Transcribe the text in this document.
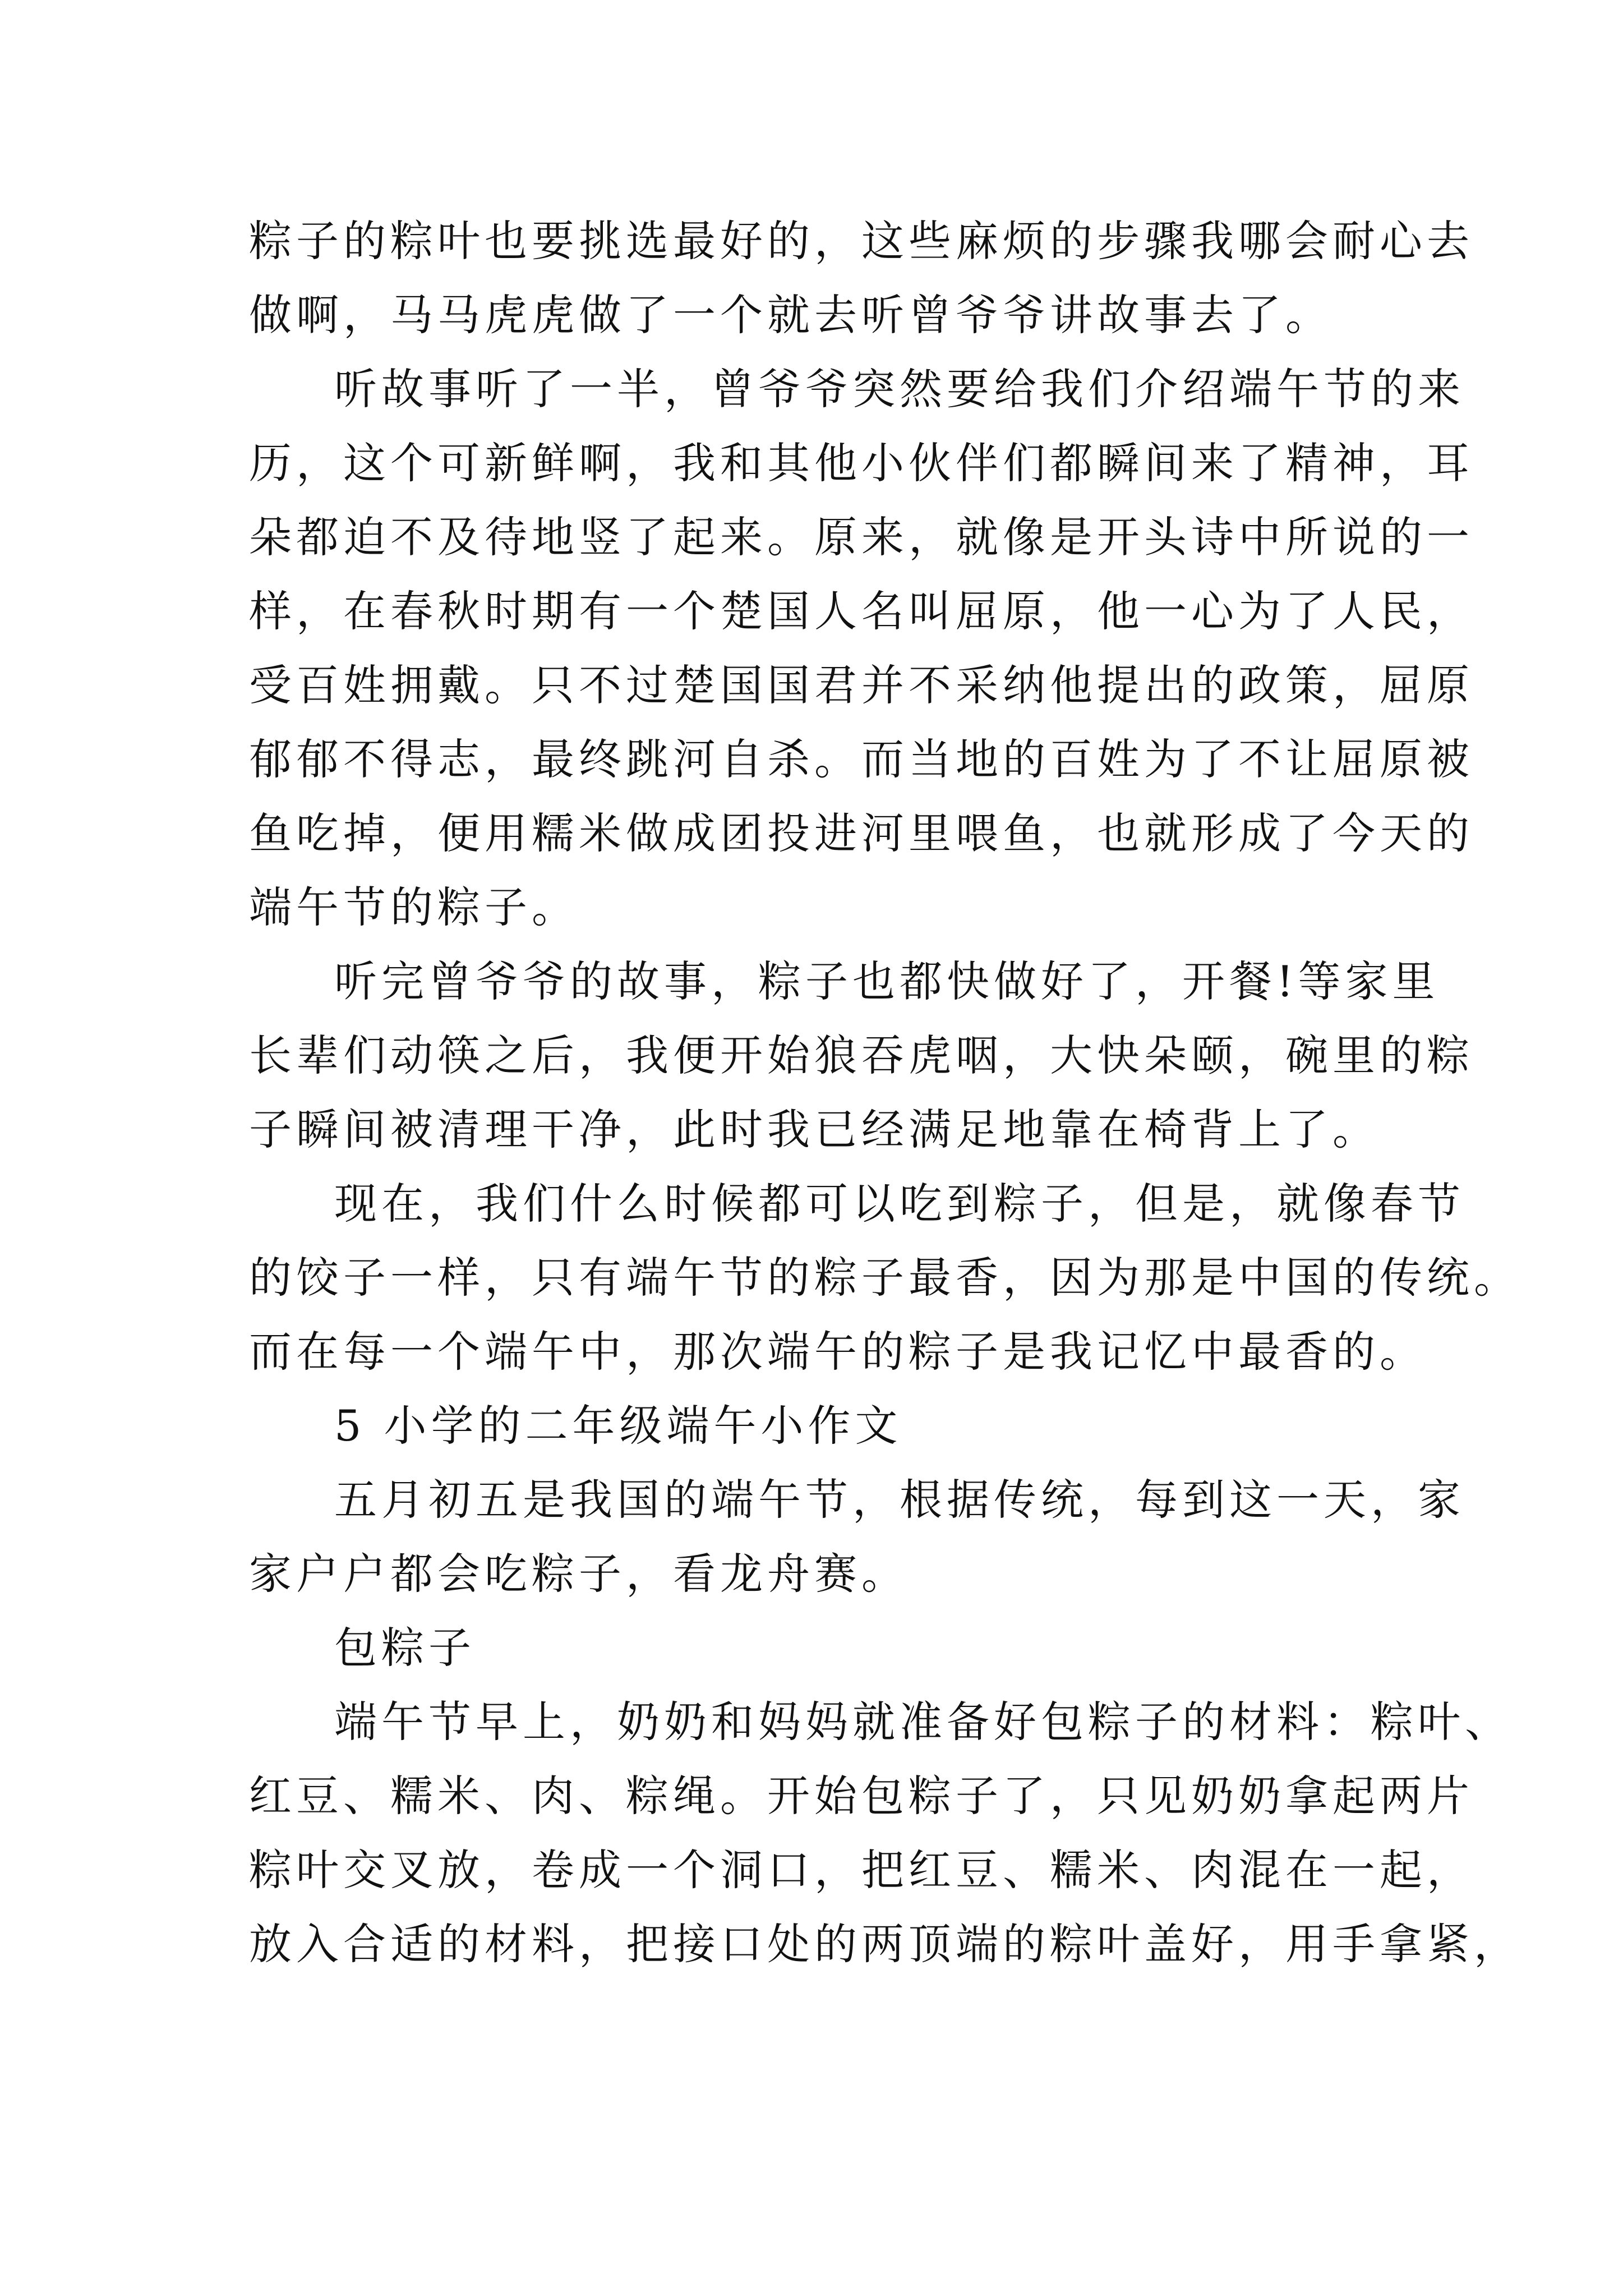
粽子的粽叶也要挑选最好的，这些麻烦的步骤我哪会耐心去
做啊，马马虎虎做了一个就去听曾爷爷讲故事去了。
听故事听了一半，曾爷爷突然要给我们介绍端午节的来
历，这个可新鲜啊，我和其他小伙伴们都瞬间来了精神，耳
朵都迫不及待地竖了起来。原来，就像是开头诗中所说的一
样，在春秋时期有一个楚国人名叫屈原，他一心为了人民，
受百姓拥戴。只不过楚国国君并不采纳他提出的政策，屈原
郁郁不得志，最终跳河自杀。而当地的百姓为了不让屈原被
鱼吃掉，便用糯米做成团投进河里喂鱼，也就形成了今天的
端午节的粽子。
听完曾爷爷的故事，粽子也都快做好了，开餐!等家里
长辈们动筷之后，我便开始狼吞虎咽，大快朵颐，碗里的粽
子瞬间被清理干净，此时我已经满足地靠在椅背上了。
现在，我们什么时候都可以吃到粽子，但是，就像春节
的饺子一样，只有端午节的粽子最香，因为那是中国的传统。
而在每一个端午中，那次端午的粽子是我记忆中最香的。
5 小学的二年级端午小作文
五月初五是我国的端午节，根据传统，每到这一天，家
家户户都会吃粽子，看龙舟赛。
包粽子
端午节早上，奶奶和妈妈就准备好包粽子的材料：粽叶、
红豆、糯米、肉、粽绳。开始包粽子了，只见奶奶拿起两片
粽叶交叉放，卷成一个洞口，把红豆、糯米、肉混在一起，
放入合适的材料，把接口处的两顶端的粽叶盖好，用手拿紧，
